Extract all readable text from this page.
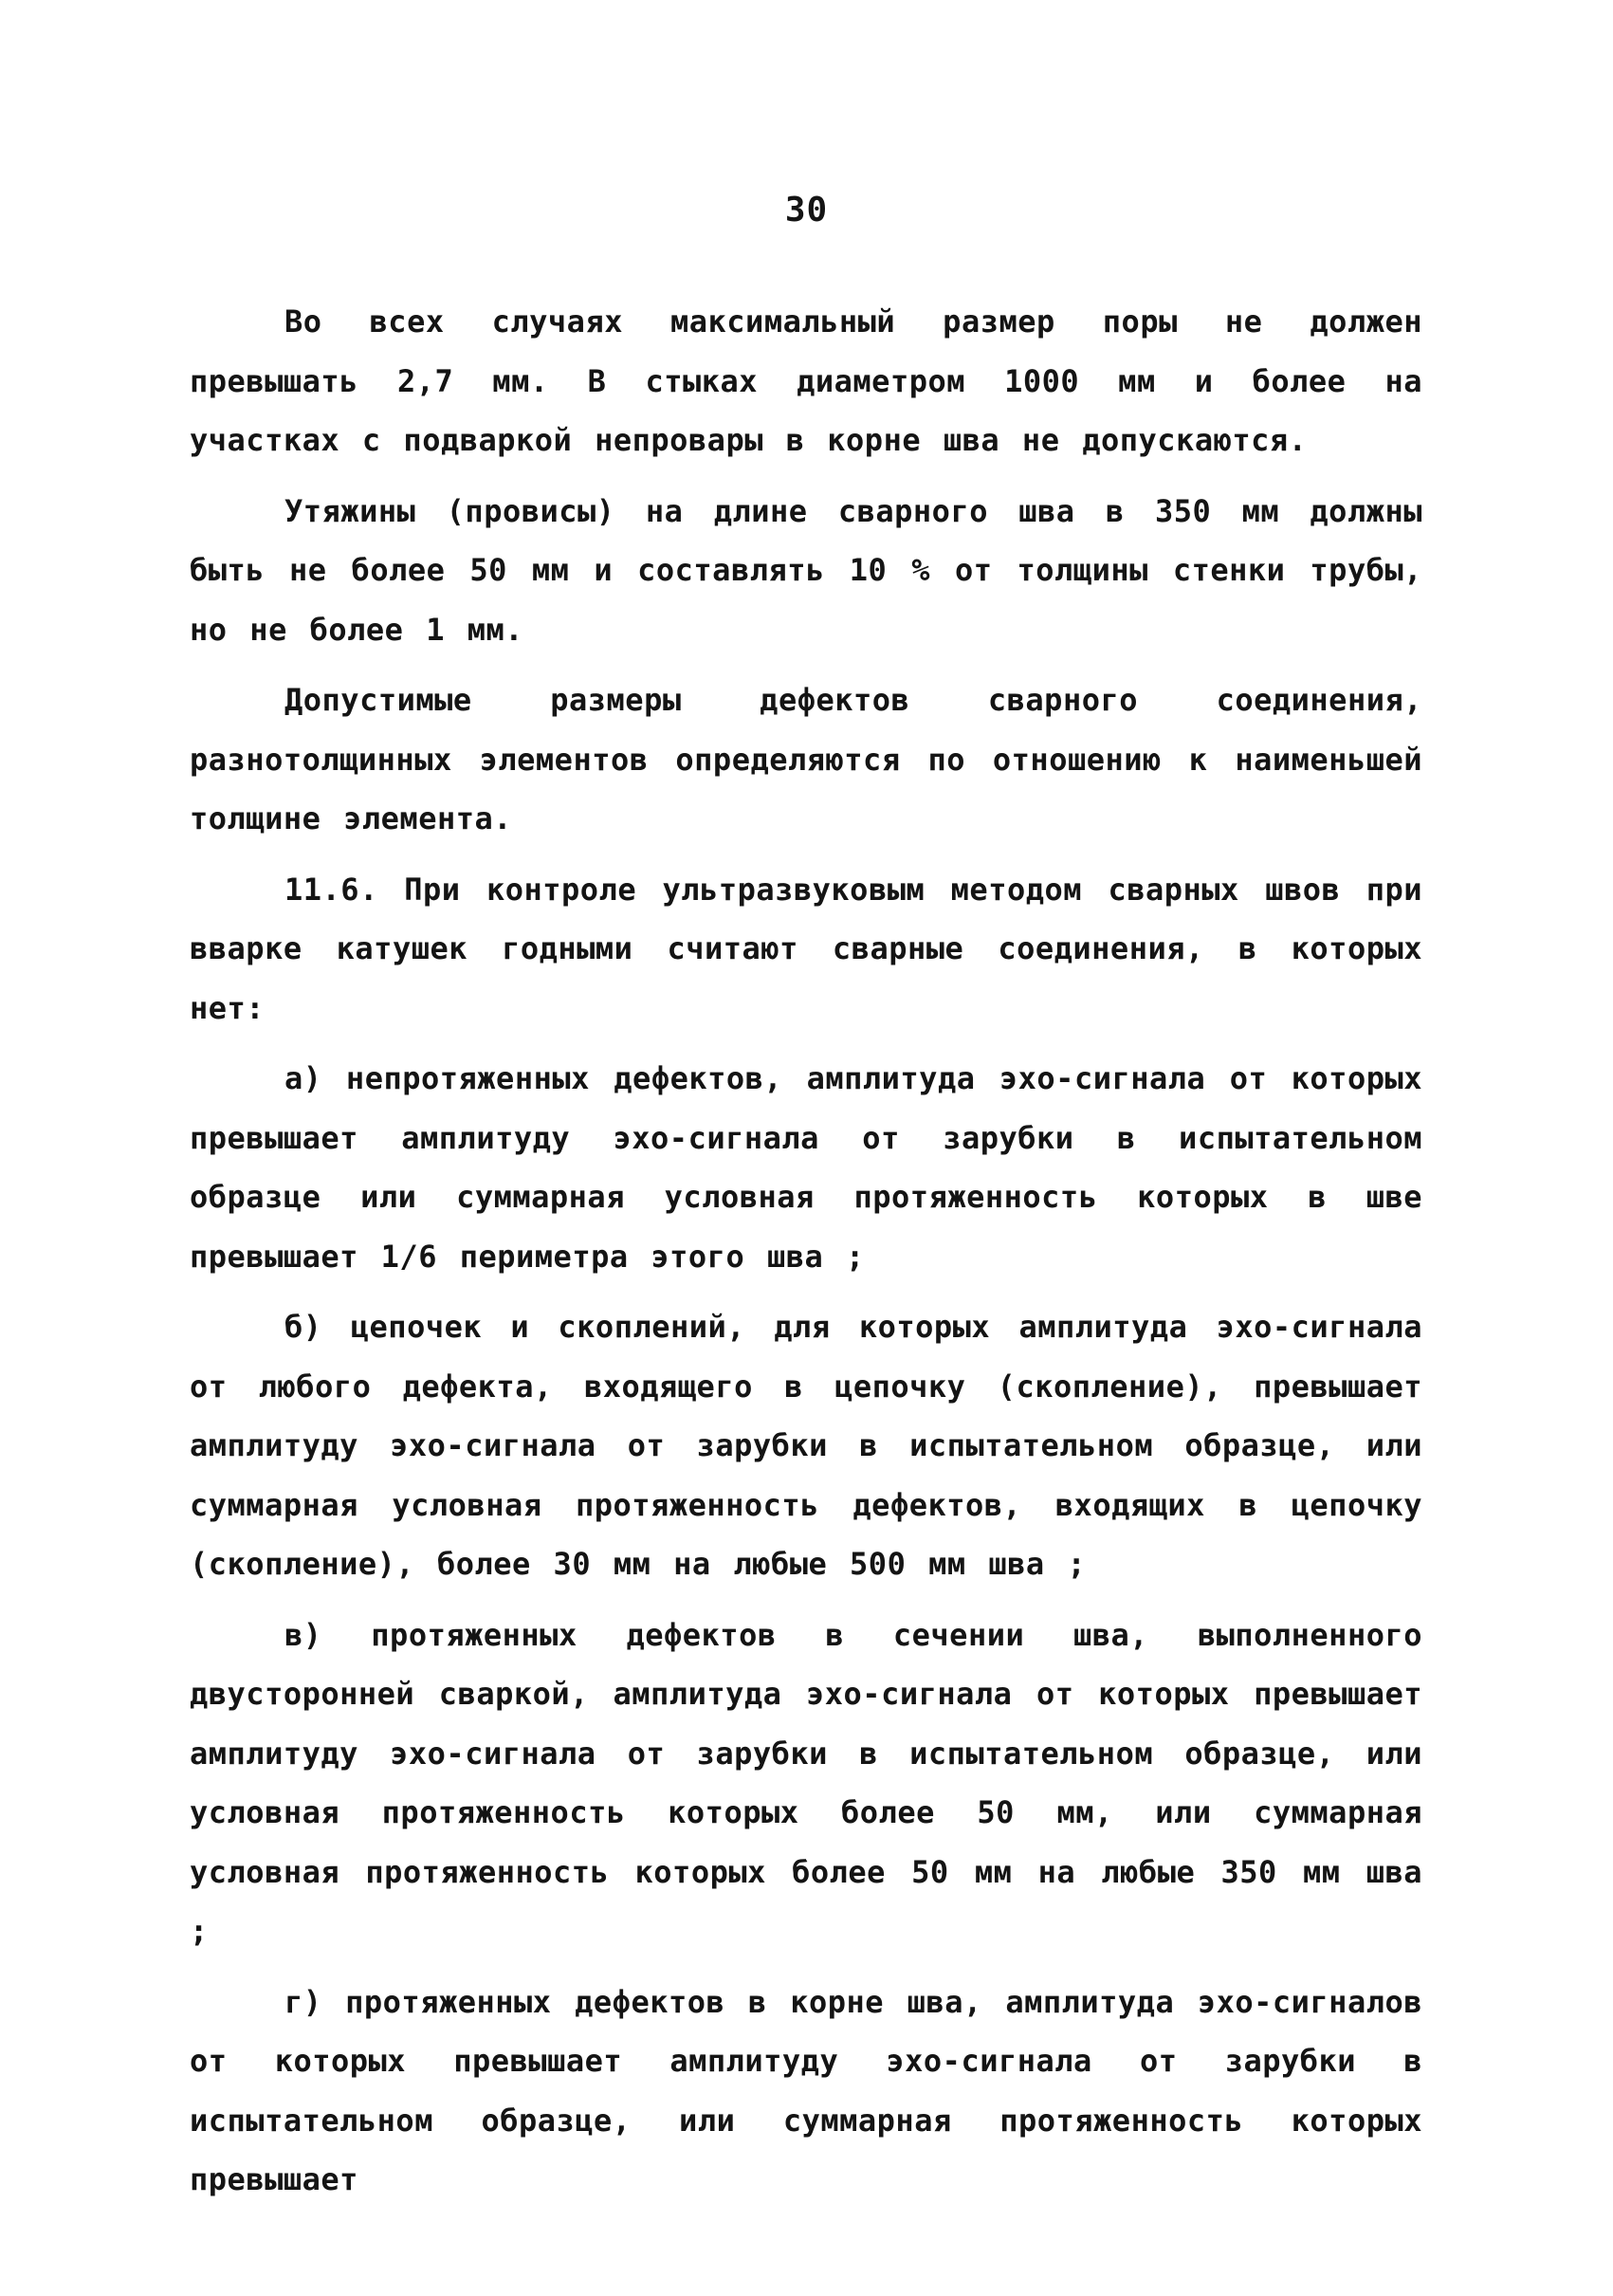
30

Во всех случаях максимальный размер поры не должен превышать 2,7 мм. В стыках диаметром 1000 мм и более на участках с подваркой непровары в корне шва не допускаются.

Утяжины (провисы) на длине сварного шва в 350 мм должны быть не более 50 мм и составлять 10 % от толщины стенки трубы, но не более 1 мм.

Допустимые размеры дефектов сварного соединения, разнотолщинных элементов определяются по отношению к наименьшей толщине элемента.

11.6. При контроле ультразвуковым методом сварных швов при вварке катушек годными считают сварные соединения, в которых нет:

а) непротяженных дефектов, амплитуда эхо-сигнала от которых превышает амплитуду эхо-сигнала от зарубки в испытательном образце или суммарная условная протяженность которых в шве превышает 1/6 периметра этого шва ;

б) цепочек и скоплений, для которых амплитуда эхо-сигнала от любого дефекта, входящего в цепочку (скопление), превышает амплитуду эхо-сигнала от зарубки в испытательном образце, или суммарная условная протяженность дефектов, входящих в цепочку (скопление), более 30 мм на любые 500 мм шва ;

в) протяженных дефектов в сечении шва, выполненного двусторонней сваркой, амплитуда эхо-сигнала от которых превышает амплитуду эхо-сигнала от зарубки в испытательном образце, или условная протяженность которых более 50 мм, или суммарная условная протяженность которых более 50 мм на любые 350 мм шва ;

г) протяженных дефектов в корне шва, амплитуда эхо-сигналов от которых превышает амплитуду эхо-сигнала от зарубки в испытательном образце, или суммарная протяженность которых превышает
